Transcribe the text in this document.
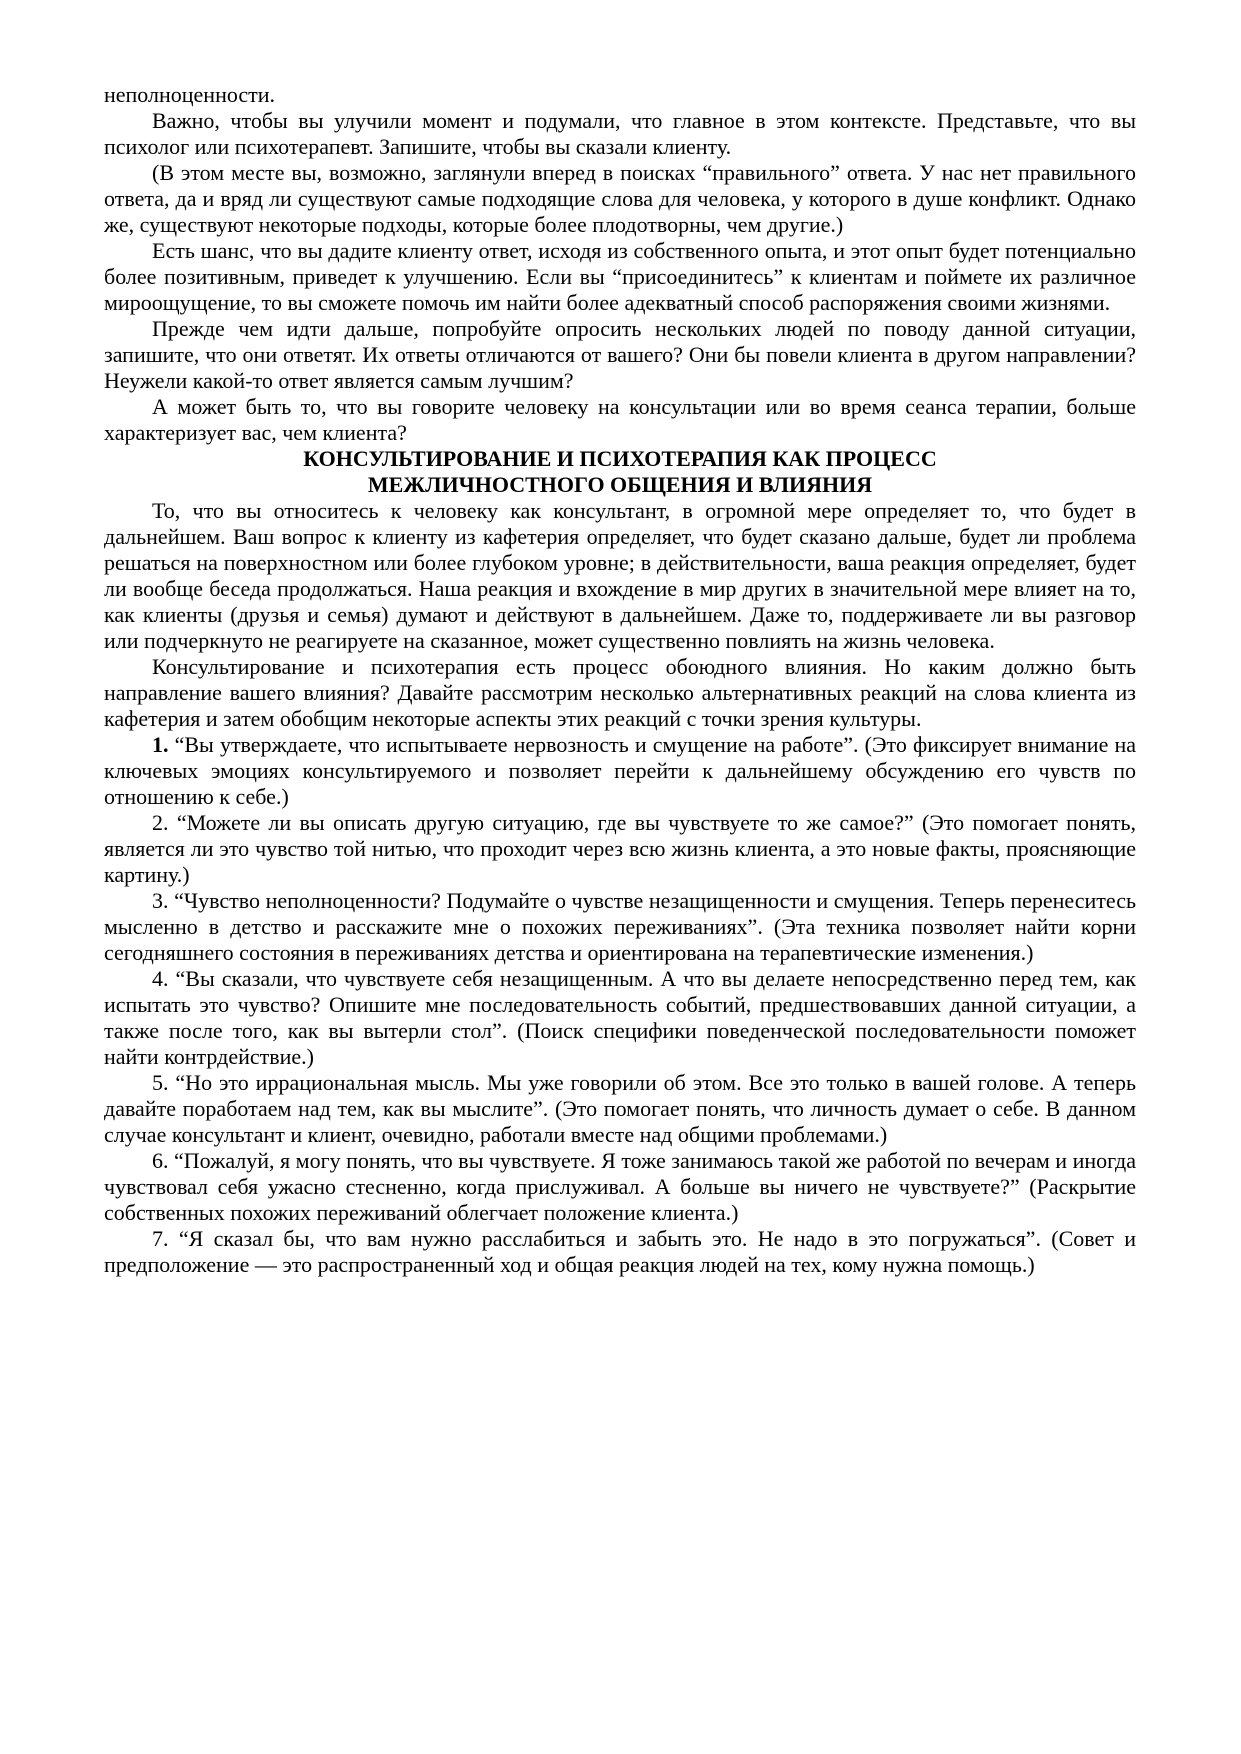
неполноценности.

Важно, чтобы вы улучили момент и подумали, что главное в этом контексте. Представьте, что вы психолог или психотерапевт. Запишите, чтобы вы сказали клиенту.

(В этом месте вы, возможно, заглянули вперед в поисках “правильного” ответа. У нас нет правильного ответа, да и вряд ли существуют самые подходящие слова для человека, у которого в душе конфликт. Однако же, существуют некоторые подходы, которые более плодотворны, чем другие.)

Есть шанс, что вы дадите клиенту ответ, исходя из собственного опыта, и этот опыт будет потенциально более позитивным, приведет к улучшению. Если вы “присоединитесь” к клиентам и поймете их различное мироощущение, то вы сможете помочь им найти более адекватный способ распоряжения своими жизнями.

Прежде чем идти дальше, попробуйте опросить нескольких людей по поводу данной ситуации, запишите, что они ответят. Их ответы отличаются от вашего? Они бы повели клиента в другом направлении? Неужели какой-то ответ является самым лучшим?

А может быть то, что вы говорите человеку на консультации или во время сеанса терапии, больше характеризует вас, чем клиента?

КОНСУЛЬТИРОВАНИЕ И ПСИХОТЕРАПИЯ КАК ПРОЦЕСС
МЕЖЛИЧНОСТНОГО ОБЩЕНИЯ И ВЛИЯНИЯ

То, что вы относитесь к человеку как консультант, в огромной мере определяет то, что будет в дальнейшем. Ваш вопрос к клиенту из кафетерия определяет, что будет сказано дальше, будет ли проблема решаться на поверхностном или более глубоком уровне; в действительности, ваша реакция определяет, будет ли вообще беседа продолжаться. Наша реакция и вхождение в мир других в значительной мере влияет на то, как клиенты (друзья и семья) думают и действуют в дальнейшем. Даже то, поддерживаете ли вы разговор или подчеркнуто не реагируете на сказанное, может существенно повлиять на жизнь человека.

Консультирование и психотерапия есть процесс обоюдного влияния. Но каким должно быть направление вашего влияния? Давайте рассмотрим несколько альтернативных реакций на слова клиента из кафетерия и затем обобщим некоторые аспекты этих реакций с точки зрения культуры.

1. “Вы утверждаете, что испытываете нервозность и смущение на работе”. (Это фиксирует внимание на ключевых эмоциях консультируемого и позволяет перейти к дальнейшему обсуждению его чувств по отношению к себе.)

2. “Можете ли вы описать другую ситуацию, где вы чувствуете то же самое?” (Это помогает понять, является ли это чувство той нитью, что проходит через всю жизнь клиента, а это новые факты, проясняющие картину.)

3. “Чувство неполноценности? Подумайте о чувстве незащищенности и смущения. Теперь перенеситесь мысленно в детство и расскажите мне о похожих переживаниях”. (Эта техника позволяет найти корни сегодняшнего состояния в переживаниях детства и ориентирована на терапевтические изменения.)

4. “Вы сказали, что чувствуете себя незащищенным. А что вы делаете непосредственно перед тем, как испытать это чувство? Опишите мне последовательность событий, предшествовавших данной ситуации, а также после того, как вы вытерли стол”. (Поиск специфики поведенческой последовательности поможет найти контрдействие.)

5. “Но это иррациональная мысль. Мы уже говорили об этом. Все это только в вашей голове. А теперь давайте поработаем над тем, как вы мыслите”. (Это помогает понять, что личность думает о себе. В данном случае консультант и клиент, очевидно, работали вместе над общими проблемами.)

6. “Пожалуй, я могу понять, что вы чувствуете. Я тоже занимаюсь такой же работой по вечерам и иногда чувствовал себя ужасно стесненно, когда прислуживал. А больше вы ничего не чувствуете?” (Раскрытие собственных похожих переживаний облегчает положение клиента.)

7. “Я сказал бы, что вам нужно расслабиться и забыть это. Не надо в это погружаться”. (Совет и предположение — это распространенный ход и общая реакция людей на тех, кому нужна помощь.)
